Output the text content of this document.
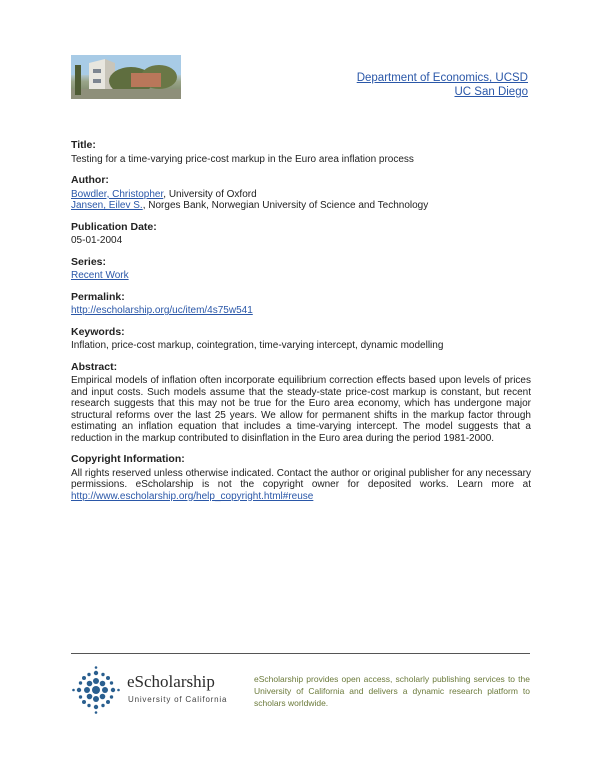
Department of Economics, UCSD
UC San Diego
Title:
Testing for a time-varying price-cost markup in the Euro area inflation process
Author:
Bowdler, Christopher, University of Oxford
Jansen, Eilev S., Norges Bank, Norwegian University of Science and Technology
Publication Date:
05-01-2004
Series:
Recent Work
Permalink:
http://escholarship.org/uc/item/4s75w541
Keywords:
Inflation, price-cost markup, cointegration, time-varying intercept, dynamic modelling
Abstract:
Empirical models of inflation often incorporate equilibrium correction effects based upon levels of prices and input costs. Such models assume that the steady-state price-cost markup is constant, but recent research suggests that this may not be true for the Euro area economy, which has undergone major structural reforms over the last 25 years. We allow for permanent shifts in the markup factor through estimating an inflation equation that includes a time-varying intercept. The model suggests that a reduction in the markup contributed to disinflation in the Euro area during the period 1981-2000.
Copyright Information:
All rights reserved unless otherwise indicated. Contact the author or original publisher for any necessary permissions. eScholarship is not the copyright owner for deposited works. Learn more at http://www.escholarship.org/help_copyright.html#reuse
eScholarship
University of California
eScholarship provides open access, scholarly publishing services to the University of California and delivers a dynamic research platform to scholars worldwide.
